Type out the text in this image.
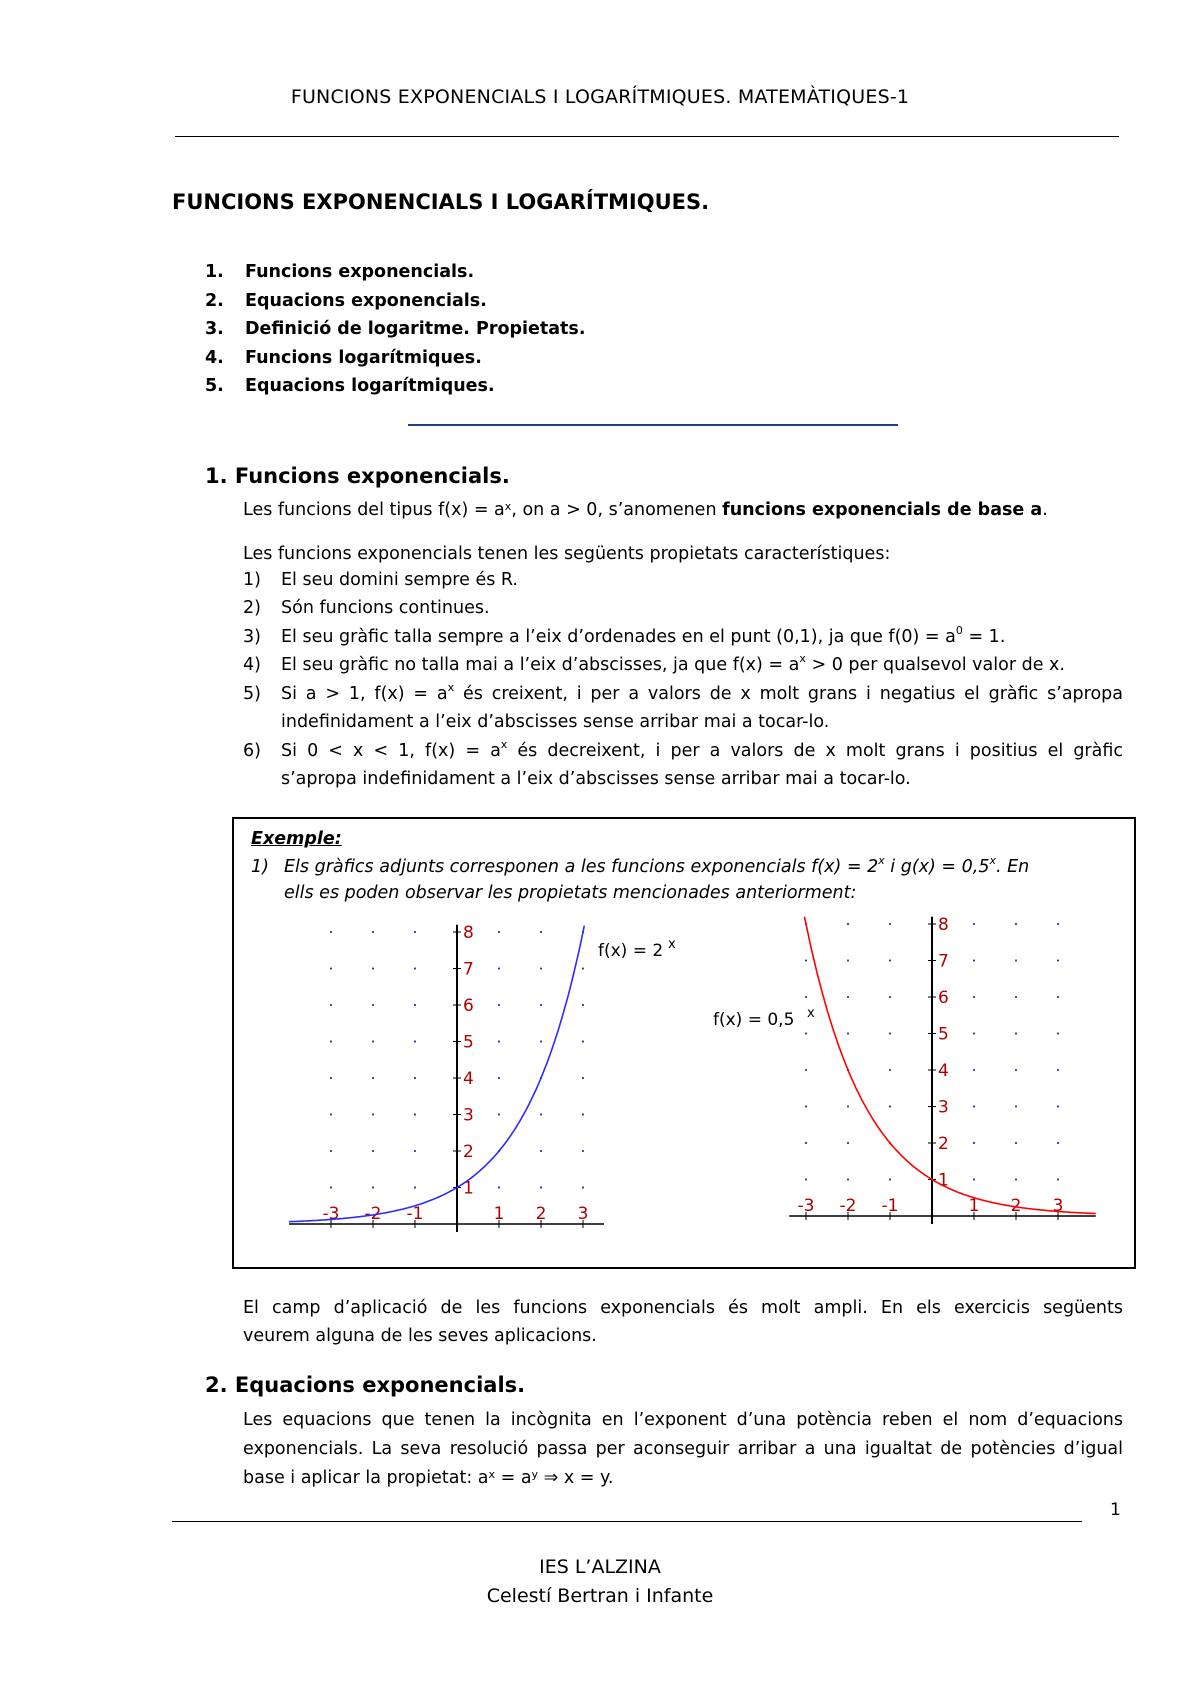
FUNCIONS EXPONENCIALS I LOGARÍTMIQUES. MATEMÀTIQUES-1
FUNCIONS EXPONENCIALS I LOGARÍTMIQUES.
1. Funcions exponencials.
2. Equacions exponencials.
3. Definició de logaritme. Propietats.
4. Funcions logarítmiques.
5. Equacions logarítmiques.
1. Funcions exponencials.
Les funcions del tipus $f(x) = a^x$, on a > 0, s’anomenen funcions exponencials de base a.
Les funcions exponencials tenen les següents propietats característiques:
1) El seu domini sempre és R.
2) Són funcions continues.
3) El seu gràfic talla sempre a l’eix d’ordenades en el punt (0,1), ja que $f(0) = a^0 = 1$.
4) El seu gràfic no talla mai a l’eix d’abscisses, ja que $f(x) = a^x > 0$ per qualsevol valor de x.
5) Si a > 1, $f(x) = a^x$ és creixent, i per a valors de x molt grans i negatius el gràfic s’apropa
indefinidament a l’eix d’abscisses sense arribar mai a tocar-lo.
6) Si 0 < x < 1, $f(x) = a^x$ és decreixent, i per a valors de x molt grans i positius el gràfic
s’apropa indefinidament a l’eix d’abscisses sense arribar mai a tocar-lo.
Exemple:
1) Els gràfics adjunts corresponen a les funcions exponencials $f(x) = 2^x$ i $g(x) = 0,5^x$. En
ells es poden observar les propietats mencionades anteriorment:
-3 -2 -1	1 2 3
1
2
3
4
5
6
7
8
f(x) = 2 x
-3 -2 -1	1 2 3
1
2
3
4
5
6
7
8
f(x) = 0,5 x
El camp d’aplicació de les funcions exponencials és molt ampli. En els exercicis següents
veurem alguna de les seves aplicacions.
2. Equacions exponencials.
Les equacions que tenen la incògnita en l’exponent d’una potència reben el nom d’equacions
exponencials. La seva resolució passa per aconseguir arribar a una igualtat de potències d’igual
base i aplicar la propietat: $a^x = a^y$ ⇒ x = y.
1
IES L’ALZINA
Celestí Bertran i Infante
